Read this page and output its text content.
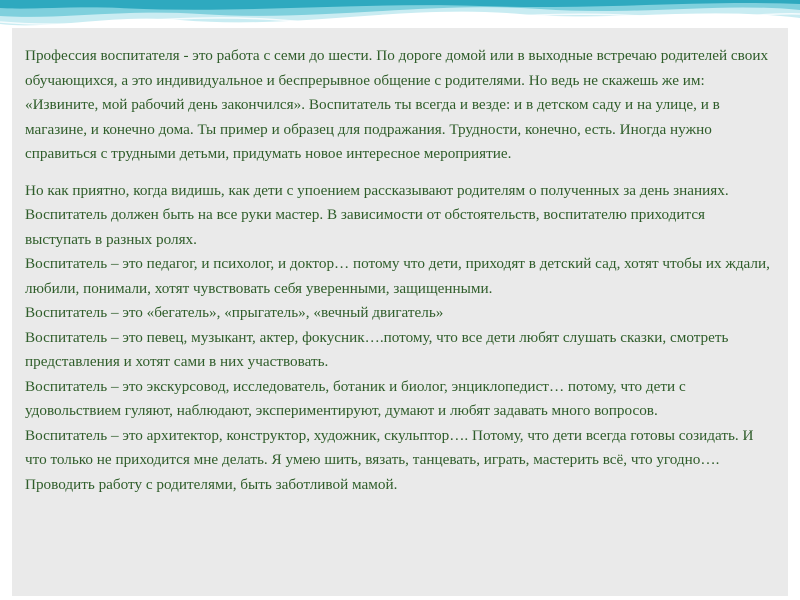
Профессия воспитателя - это работа с семи до шести. По дороге домой или в выходные встречаю родителей своих обучающихся, а это индивидуальное и беспрерывное общение с родителями. Но ведь не скажешь же им: «Извините, мой рабочий день закончился». Воспитатель ты всегда и везде: и в детском саду и на улице, и в магазине, и конечно дома. Ты пример и образец для подражания. Трудности, конечно, есть. Иногда нужно справиться с трудными детьми, придумать новое интересное мероприятие.

Но как приятно, когда видишь, как дети с упоением рассказывают родителям о полученных за день знаниях. Воспитатель должен быть на все руки мастер. В зависимости от обстоятельств, воспитателю приходится выступать в разных ролях.

Воспитатель – это педагог, и психолог, и доктор… потому что дети, приходят в детский сад, хотят чтобы их ждали, любили, понимали, хотят чувствовать себя уверенными, защищенными.

Воспитатель – это «бегатель», «прыгатель», «вечный двигатель»

Воспитатель – это певец, музыкант, актер, фокусник….потому, что все дети любят слушать сказки, смотреть представления и хотят сами в них участвовать.

Воспитатель – это экскурсовод, исследователь, ботаник и биолог, энциклопедист… потому, что дети с удовольствием гуляют, наблюдают, экспериментируют, думают и любят задавать много вопросов.

Воспитатель – это архитектор, конструктор, художник, скульптор…. Потому, что дети всегда готовы созидать. И что только не приходится мне делать. Я умею шить, вязать, танцевать, играть, мастерить всё, что угодно…. Проводить работу с родителями, быть заботливой мамой.
